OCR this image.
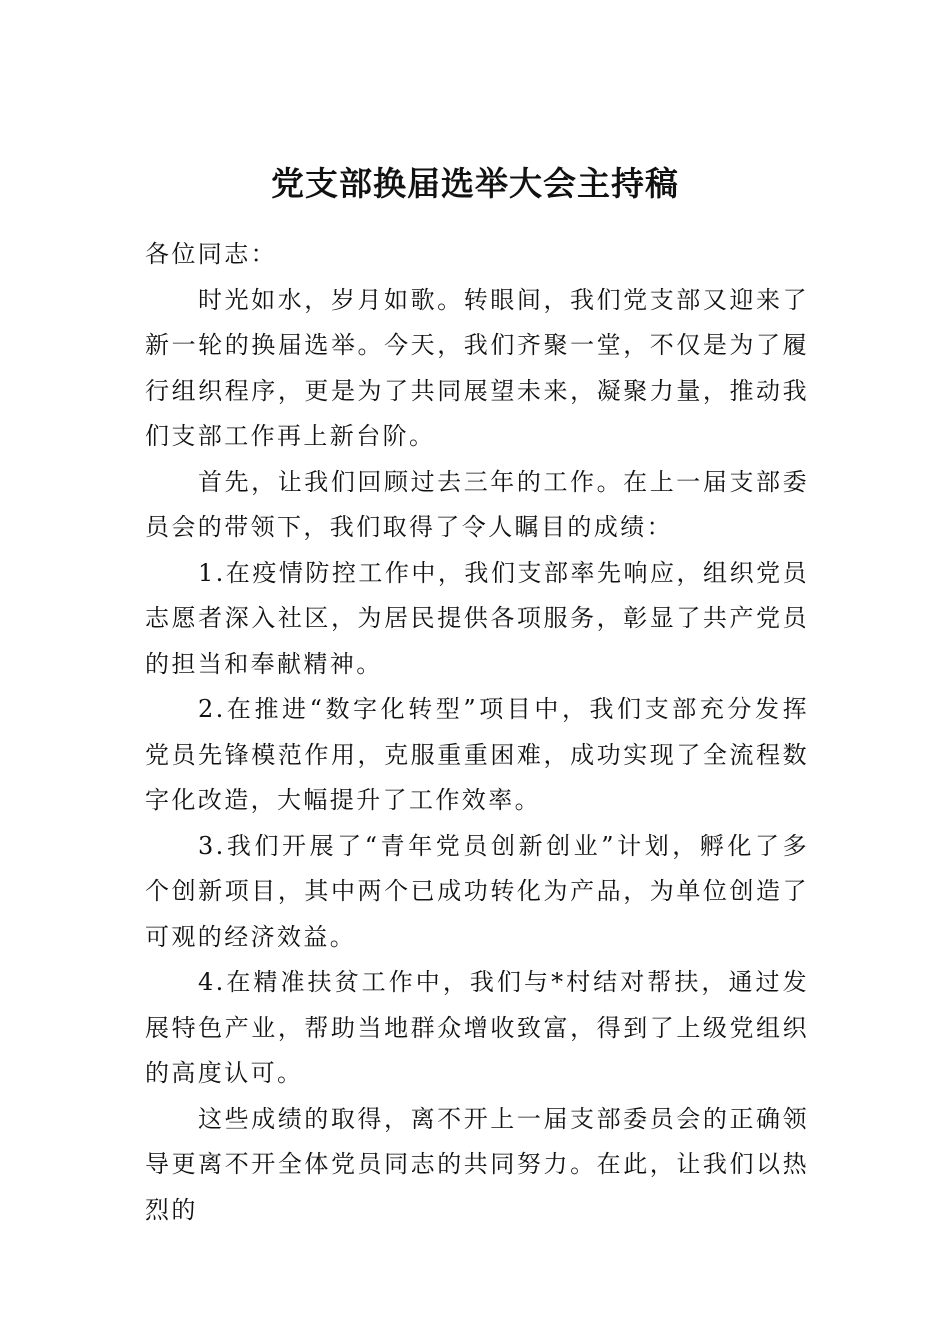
党支部换届选举大会主持稿

各位同志：

时光如水，岁月如歌。转眼间，我们党支部又迎来了新一轮的换届选举。今天，我们齐聚一堂，不仅是为了履行组织程序，更是为了共同展望未来，凝聚力量，推动我们支部工作再上新台阶。

首先，让我们回顾过去三年的工作。在上一届支部委员会的带领下，我们取得了令人瞩目的成绩：

1.在疫情防控工作中，我们支部率先响应，组织党员志愿者深入社区，为居民提供各项服务，彰显了共产党员的担当和奉献精神。

2.在推进“数字化转型”项目中，我们支部充分发挥党员先锋模范作用，克服重重困难，成功实现了全流程数字化改造，大幅提升了工作效率。

3.我们开展了“青年党员创新创业”计划，孵化了多个创新项目，其中两个已成功转化为产品，为单位创造了可观的经济效益。

4.在精准扶贫工作中，我们与*村结对帮扶，通过发展特色产业，帮助当地群众增收致富，得到了上级党组织的高度认可。

这些成绩的取得，离不开上一届支部委员会的正确领导更离不开全体党员同志的共同努力。在此，让我们以热烈的
